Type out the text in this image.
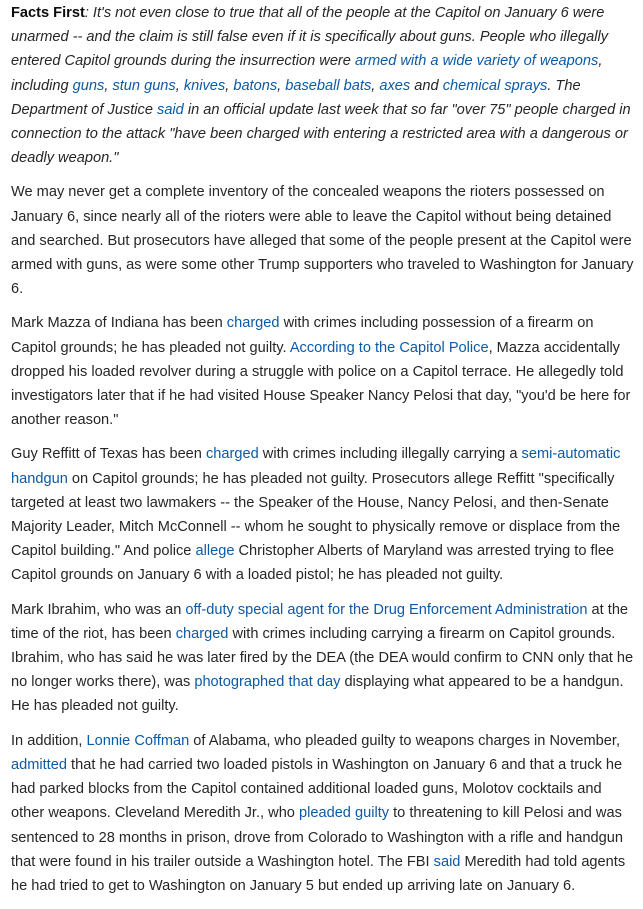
Facts First: It's not even close to true that all of the people at the Capitol on January 6 were unarmed -- and the claim is still false even if it is specifically about guns. People who illegally entered Capitol grounds during the insurrection were armed with a wide variety of weapons, including guns, stun guns, knives, batons, baseball bats, axes and chemical sprays. The Department of Justice said in an official update last week that so far "over 75" people charged in connection to the attack "have been charged with entering a restricted area with a dangerous or deadly weapon."

We may never get a complete inventory of the concealed weapons the rioters possessed on January 6, since nearly all of the rioters were able to leave the Capitol without being detained and searched. But prosecutors have alleged that some of the people present at the Capitol were armed with guns, as were some other Trump supporters who traveled to Washington for January 6.

Mark Mazza of Indiana has been charged with crimes including possession of a firearm on Capitol grounds; he has pleaded not guilty. According to the Capitol Police, Mazza accidentally dropped his loaded revolver during a struggle with police on a Capitol terrace. He allegedly told investigators later that if he had visited House Speaker Nancy Pelosi that day, "you'd be here for another reason."

Guy Reffitt of Texas has been charged with crimes including illegally carrying a semi-automatic handgun on Capitol grounds; he has pleaded not guilty. Prosecutors allege Reffitt "specifically targeted at least two lawmakers -- the Speaker of the House, Nancy Pelosi, and then-Senate Majority Leader, Mitch McConnell -- whom he sought to physically remove or displace from the Capitol building." And police allege Christopher Alberts of Maryland was arrested trying to flee Capitol grounds on January 6 with a loaded pistol; he has pleaded not guilty.

Mark Ibrahim, who was an off-duty special agent for the Drug Enforcement Administration at the time of the riot, has been charged with crimes including carrying a firearm on Capitol grounds. Ibrahim, who has said he was later fired by the DEA (the DEA would confirm to CNN only that he no longer works there), was photographed that day displaying what appeared to be a handgun. He has pleaded not guilty.

In addition, Lonnie Coffman of Alabama, who pleaded guilty to weapons charges in November, admitted that he had carried two loaded pistols in Washington on January 6 and that a truck he had parked blocks from the Capitol contained additional loaded guns, Molotov cocktails and other weapons. Cleveland Meredith Jr., who pleaded guilty to threatening to kill Pelosi and was sentenced to 28 months in prison, drove from Colorado to Washington with a rifle and handgun that were found in his trailer outside a Washington hotel. The FBI said Meredith had told agents he had tried to get to Washington on January 5 but ended up arriving late on January 6.
